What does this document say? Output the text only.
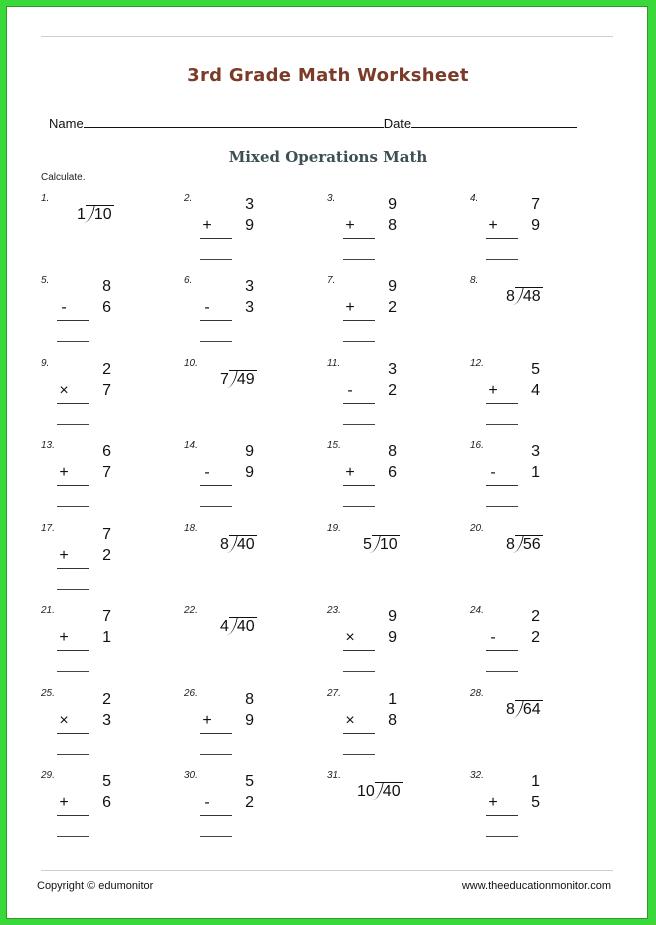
3rd Grade Math Worksheet
Name	Date
Mixed Operations Math
Calculate.
1.
1 10
2.	3
+ 9
3.	9
+ 8
4.	7
+ 9
5.	8
- 6
6.	3
- 3
7.	9
+ 2
8.
8 48
9.	2
× 7
10.
7 49
11.	3
- 2
12.	5
+ 4
13.	6
+ 7
14.	9
- 9
15.	8
+ 6
16.	3
- 1
17.	7
+ 2
18.
8 40
19.
5 10
20.
8 56
21.	7
+ 1
22.
4 40
23.	9
× 9
24.	2
- 2
25.	2
× 3
26.	8
+ 9
27.	1
× 8
28.
8 64
29.	5
+ 6
30.	5
- 2
31.
10 40
32.	1
+ 5
Copyright © edumonitor	www.theeducationmonitor.com
